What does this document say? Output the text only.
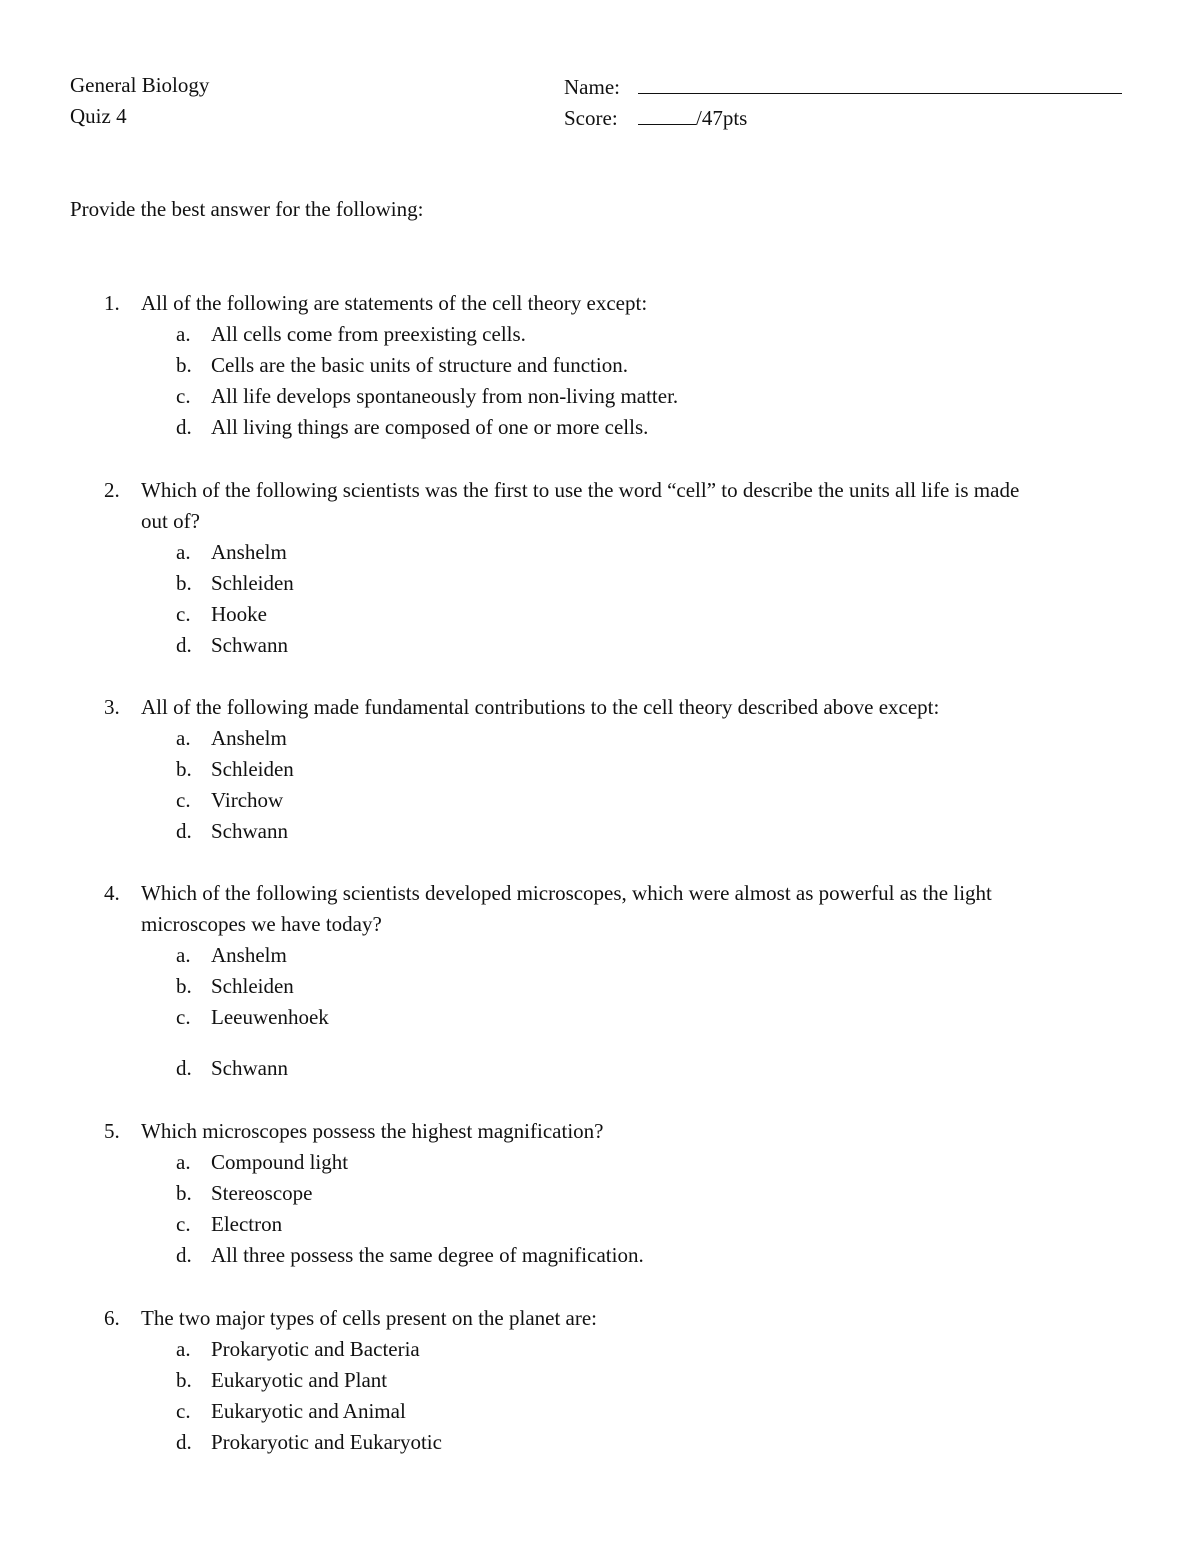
General Biology
Quiz 4
Name:
Score:	/47pts
Provide the best answer for the following:
1.	All of the following are statements of the cell theory except:
a. All cells come from preexisting cells.
b. Cells are the basic units of structure and function.
c. All life develops spontaneously from non-living matter.
d. All living things are composed of one or more cells.
2.	Which of the following scientists was the first to use the word “cell” to describe the units all life is made
out of?
a. Anshelm
b. Schleiden
c. Hooke
d. Schwann
3.	All of the following made fundamental contributions to the cell theory described above except:
a. Anshelm
b. Schleiden
c. Virchow
d. Schwann
4.	Which of the following scientists developed microscopes, which were almost as powerful as the light
microscopes we have today?
a. Anshelm
b. Schleiden
c. Leeuwenhoek
d. Schwann
5.	Which microscopes possess the highest magnification?
a. Compound light
b. Stereoscope
c. Electron
d. All three possess the same degree of magnification.
6.	The two major types of cells present on the planet are:
a. Prokaryotic and Bacteria
b. Eukaryotic and Plant
c. Eukaryotic and Animal
d. Prokaryotic and Eukaryotic
